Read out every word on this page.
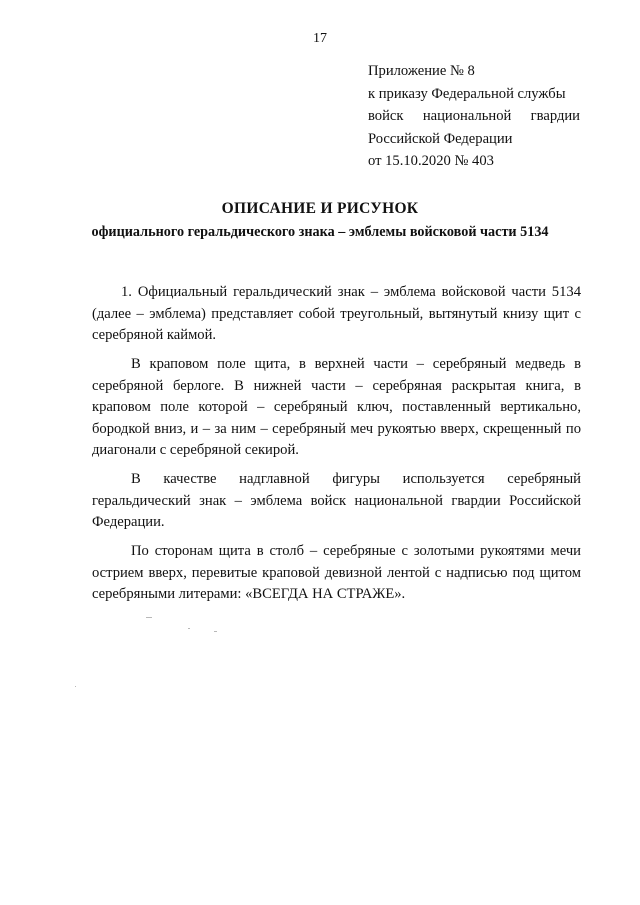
17
Приложение № 8
к приказу Федеральной службы
войск национальной гвардии
Российской Федерации
от 15.10.2020 № 403
ОПИСАНИЕ И РИСУНОК
официального геральдического знака – эмблемы войсковой части 5134

1. Официальный геральдический знак – эмблема войсковой части 5134 (далее – эмблема) представляет собой треугольный, вытянутый книзу щит с серебряной каймой.

В краповом поле щита, в верхней части – серебряный медведь в серебряной берлоге. В нижней части – серебряная раскрытая книга, в краповом поле которой – серебряный ключ, поставленный вертикально, бородкой вниз, и – за ним – серебряный меч рукоятью вверх, скрещенный по диагонали с серебряной секирой.

В качестве надглавной фигуры используется серебряный геральдический знак – эмблема войск национальной гвардии Российской Федерации.

По сторонам щита в столб – серебряные с золотыми рукоятями мечи острием вверх, перевитые краповой девизной лентой с надписью под щитом серебряными литерами: «ВСЕГДА НА СТРАЖЕ».
